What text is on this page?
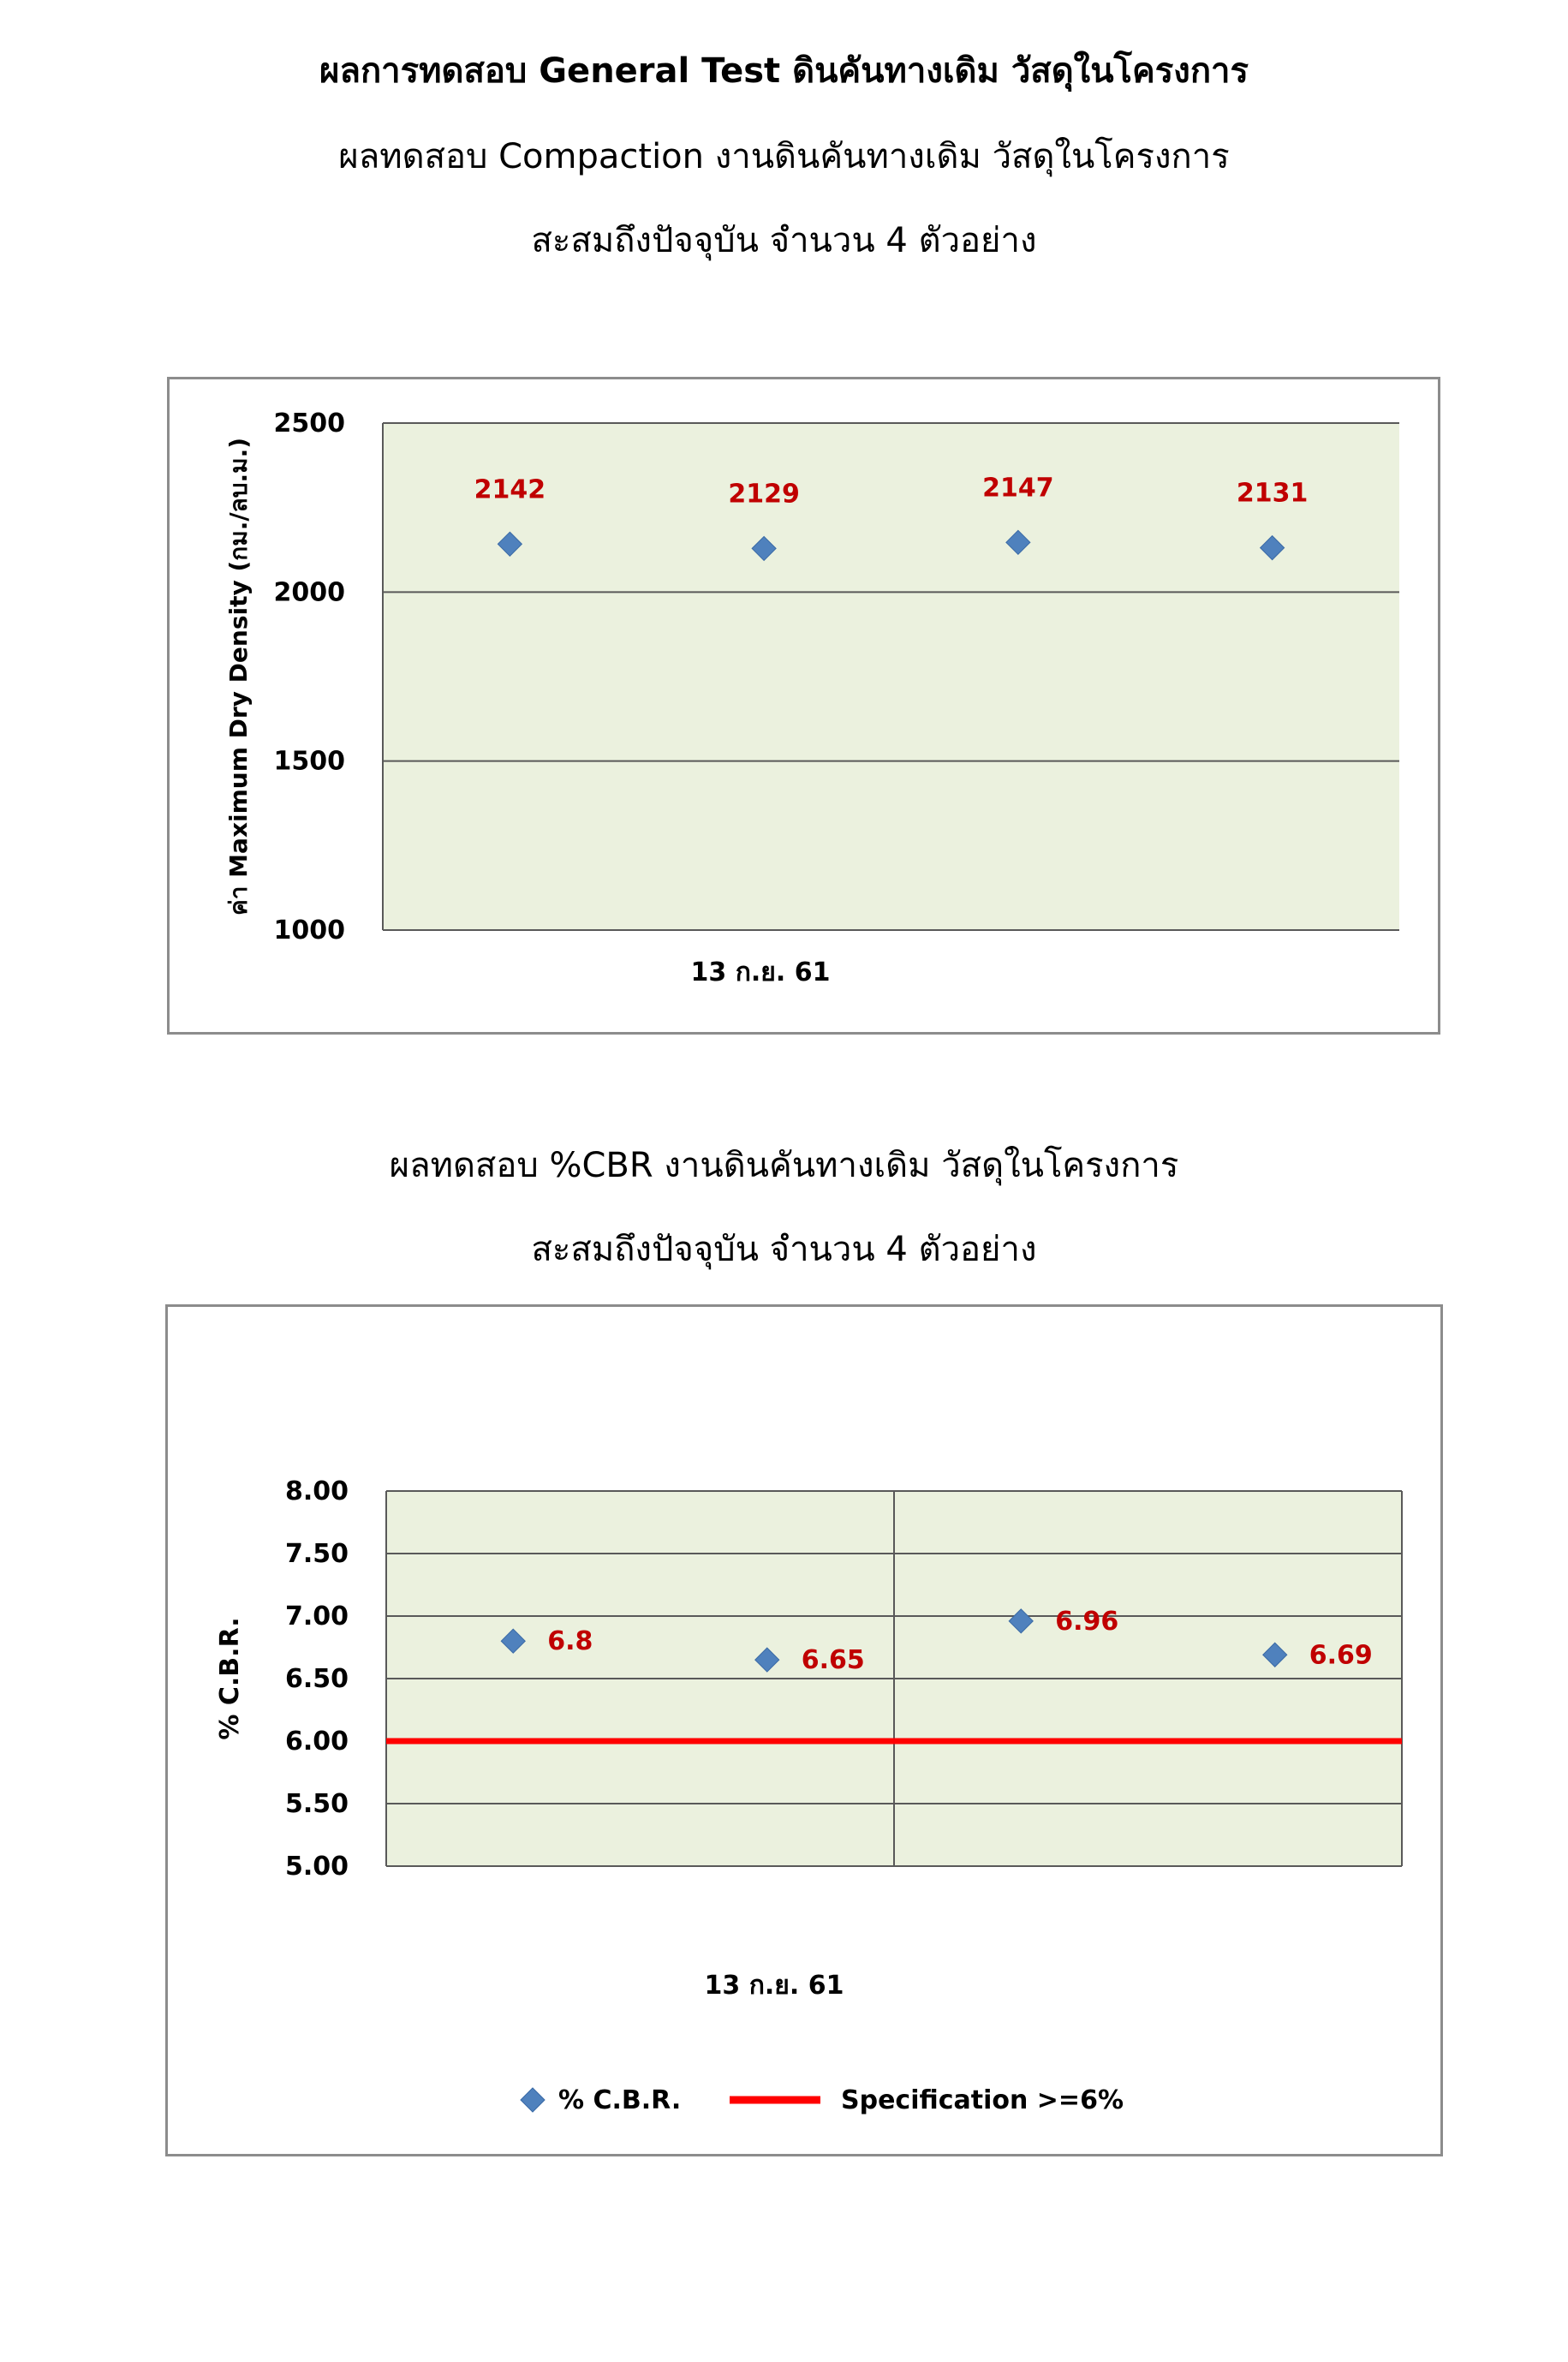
ผลการทดสอบ General Test ดินคันทางเดิม วัสดุในโครงการ
ผลทดสอบ Compaction งานดินคันทางเดิม วัสดุในโครงการ
สะสมถึงปัจจุบัน จำนวน 4 ตัวอย่าง
1000
1500
2000
2500
2142	2129	2147	2131
13 ก.ย. 61
ค่า Maximum Dry Density (กม./ลบ.ม.)
ผลทดสอบ %CBR งานดินคันทางเดิม วัสดุในโครงการ
สะสมถึงปัจจุบัน จำนวน 4 ตัวอย่าง
5.00
5.50
6.00
6.50
7.00
7.50
8.00
6.8
6.65
6.96
6.69
13 ก.ย. 61
% C.B.R.
% C.B.R.	Specification >=6%
